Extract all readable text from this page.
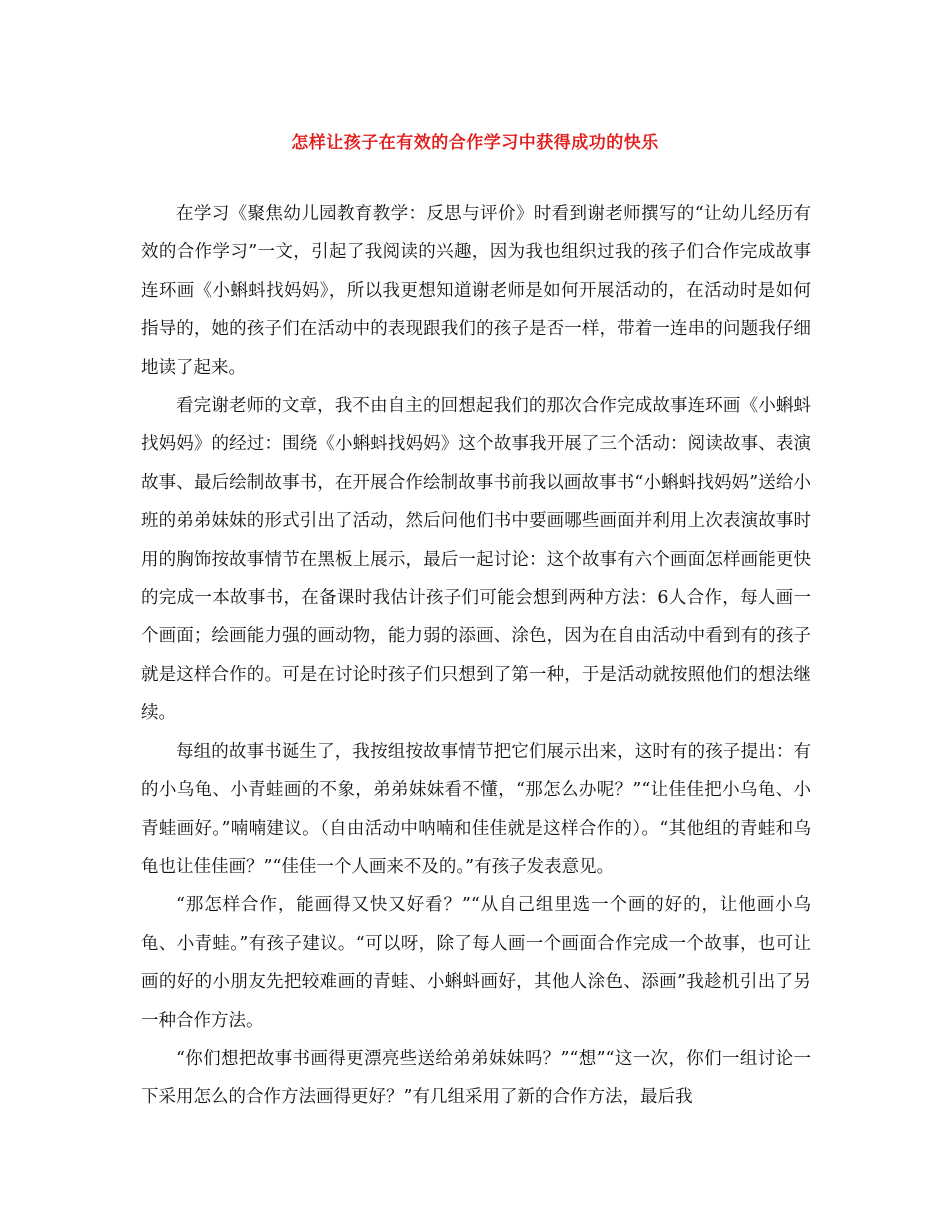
怎样让孩子在有效的合作学习中获得成功的快乐

在学习《聚焦幼儿园教育教学：反思与评价》时看到谢老师撰写的“让幼儿经历有效的合作学习”一文，引起了我阅读的兴趣，因为我也组织过我的孩子们合作完成故事连环画《小蝌蚪找妈妈》，所以我更想知道谢老师是如何开展活动的，在活动时是如何指导的，她的孩子们在活动中的表现跟我们的孩子是否一样，带着一连串的问题我仔细地读了起来。

看完谢老师的文章，我不由自主的回想起我们的那次合作完成故事连环画《小蝌蚪找妈妈》的经过：围绕《小蝌蚪找妈妈》这个故事我开展了三个活动：阅读故事、表演故事、最后绘制故事书，在开展合作绘制故事书前我以画故事书“小蝌蚪找妈妈”送给小班的弟弟妹妹的形式引出了活动，然后问他们书中要画哪些画面并利用上次表演故事时用的胸饰按故事情节在黑板上展示，最后一起讨论：这个故事有六个画面怎样画能更快的完成一本故事书，在备课时我估计孩子们可能会想到两种方法：6人合作，每人画一个画面；绘画能力强的画动物，能力弱的添画、涂色，因为在自由活动中看到有的孩子就是这样合作的。可是在讨论时孩子们只想到了第一种，于是活动就按照他们的想法继续。

每组的故事书诞生了，我按组按故事情节把它们展示出来，这时有的孩子提出：有的小乌龟、小青蛙画的不象，弟弟妹妹看不懂，“那怎么办呢？”“让佳佳把小乌龟、小青蛙画好。”喃喃建议。（自由活动中呐喃和佳佳就是这样合作的）。“其他组的青蛙和乌龟也让佳佳画？”“佳佳一个人画来不及的。”有孩子发表意见。

“那怎样合作，能画得又快又好看？”“从自己组里选一个画的好的，让他画小乌龟、小青蛙。”有孩子建议。“可以呀，除了每人画一个画面合作完成一个故事，也可让画的好的小朋友先把较难画的青蛙、小蝌蚪画好，其他人涂色、添画”我趁机引出了另一种合作方法。

“你们想把故事书画得更漂亮些送给弟弟妹妹吗？”“想”“这一次，你们一组讨论一下采用怎么的合作方法画得更好？”有几组采用了新的合作方法，最后我
